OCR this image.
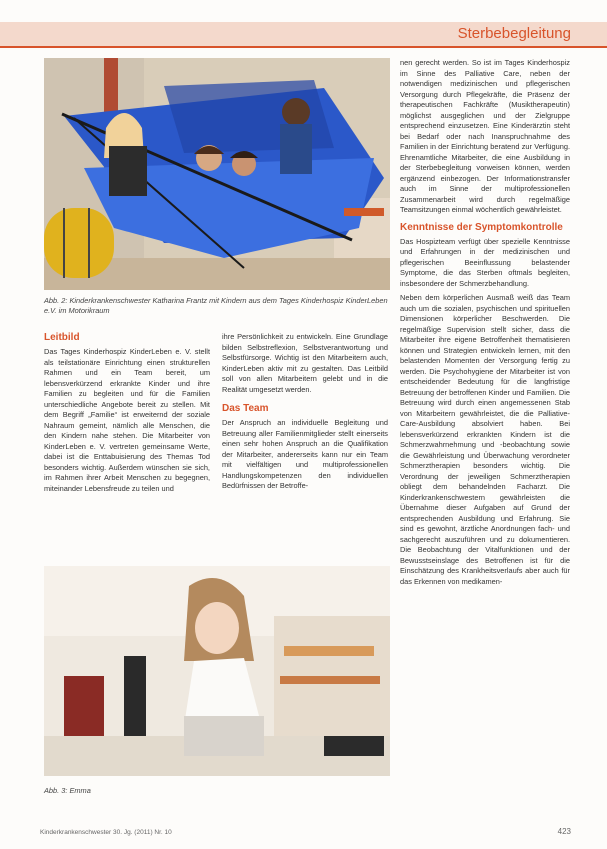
Sterbebegleitung
Abb. 2: Kinderkrankenschwester Katharina Frantz mit Kindern aus dem Tages Kinderhospiz KinderLeben e.V. im Motorikraum
Leitbild

Das Tages Kinderhospiz KinderLeben e. V. stellt als teilstationäre Einrichtung einen strukturellen Rahmen und ein Team bereit, um lebensverkürzend erkrankte Kinder und ihre Familien zu begleiten und für die Familien unterschiedliche Angebote bereit zu stellen. Mit dem Begriff „Familie“ ist erweiternd der soziale Nahraum gemeint, nämlich alle Menschen, die den Kindern nahe stehen. Die Mitarbeiter von KinderLeben e. V. vertreten gemeinsame Werte, dabei ist die Enttabuisierung des Themas Tod besonders wichtig. Außerdem wünschen sie sich, im Rahmen ihrer Arbeit Menschen zu begegnen, miteinander Lebensfreude zu teilen und

ihre Persönlichkeit zu entwickeln. Eine Grundlage bilden Selbstreflexion, Selbstverantwortung und Selbstfürsorge. Wichtig ist den Mitarbeitern auch, KinderLeben aktiv mit zu gestalten. Das Leitbild soll von allen Mitarbeitern gelebt und in die Realität umgesetzt werden.

Das Team

Der Anspruch an individuelle Begleitung und Betreuung aller Familienmitglieder stellt einerseits einen sehr hohen Anspruch an die Qualifikation der Mitarbeiter, andererseits kann nur ein Team mit vielfältigen und multiprofessionellen Handlungskompetenzen den individuellen Bedürfnissen der Betroffe-

Abb. 3: Emma

nen gerecht werden. So ist im Tages Kinderhospiz im Sinne des Palliative Care, neben der notwendigen medizinischen und pflegerischen Versorgung durch Pflegekräfte, die Präsenz der therapeutischen Fachkräfte (Musiktherapeutin) möglichst ausgeglichen und der Zielgruppe entsprechend einzusetzen. Eine Kinderärztin steht bei Bedarf oder nach Inanspruchnahme des Familien in der Einrichtung beratend zur Verfügung. Ehrenamtliche Mitarbeiter, die eine Ausbildung in der Sterbebegleitung vorweisen können, werden ergänzend einbezogen. Der Informationstransfer auch im Sinne der multiprofessionellen Zusammenarbeit wird durch regelmäßige Teamsitzungen einmal wöchentlich gewährleistet.

Kenntnisse der Symptomkontrolle

Das Hospizteam verfügt über spezielle Kenntnisse und Erfahrungen in der medizinischen und pflegerischen Beeinflussung belastender Symptome, die das Sterben oftmals begleiten, insbesondere der Schmerzbehandlung.

Neben dem körperlichen Ausmaß weiß das Team auch um die sozialen, psychischen und spirituellen Dimensionen körperlicher Beschwerden. Die regelmäßige Supervision stellt sicher, dass die Mitarbeiter ihre eigene Betroffenheit thematisieren können und Strategien entwickeln lernen, mit den belastenden Momenten der Versorgung fertig zu werden. Die Psychohygiene der Mitarbeiter ist von entscheidender Bedeutung für die langfristige Betreuung der betroffenen Kinder und Familien. Die Betreuung wird durch einen angemessenen Stab von Mitarbeitern gewährleistet, die die Palliative-Care-Ausbildung absolviert haben. Bei lebensverkürzend erkrankten Kindern ist die Schmerzwahrnehmung und -beobachtung sowie die Gewährleistung und Überwachung verordneter Schmerztherapien besonders wichtig. Die Verordnung der jeweiligen Schmerztherapien obliegt dem behandelnden Facharzt. Die Kinderkrankenschwestern gewährleisten die Übernahme dieser Aufgaben auf Grund der entsprechenden Ausbildung und Erfahrung. Sie sind es gewohnt, ärztliche Anordnungen fach- und sachgerecht auszuführen und zu dokumentieren. Die Beobachtung der Vitalfunktionen und der Bewusstseinslage des Betroffenen ist für die Einschätzung des Krankheitsverlaufs aber auch für das Erkennen von medikamen-

Kinderkrankenschwester 30. Jg. (2011) Nr. 10	423
